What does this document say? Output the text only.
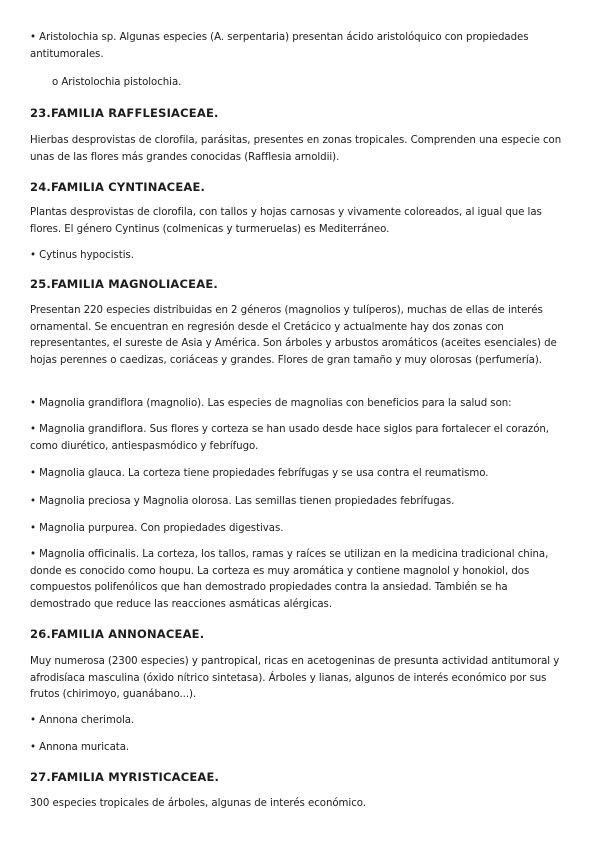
• Aristolochia sp. Algunas especies (A. serpentaria) presentan ácido aristolóquico con propiedades antitumorales.

o Aristolochia pistolochia.

23.FAMILIA RAFFLESIACEAE.

Hierbas desprovistas de clorofila, parásitas, presentes en zonas tropicales. Comprenden una especie con unas de las flores más grandes conocidas (Rafflesia arnoldii).

24.FAMILIA CYNTINACEAE.

Plantas desprovistas de clorofila, con tallos y hojas carnosas y vivamente coloreados, al igual que las flores. El género Cyntinus (colmenicas y turmeruelas) es Mediterráneo.

• Cytinus hypocistis.

25.FAMILIA MAGNOLIACEAE.

Presentan 220 especies distribuidas en 2 géneros (magnolios y tulíperos), muchas de ellas de interés ornamental. Se encuentran en regresión desde el Cretácico y actualmente hay dos zonas con representantes, el sureste de Asia y América. Son árboles y arbustos aromáticos (aceites esenciales) de hojas perennes o caedizas, coriáceas y grandes. Flores de gran tamaño y muy olorosas (perfumería).

• Magnolia grandiflora (magnolio). Las especies de magnolias con beneficios para la salud son:

• Magnolia grandiflora. Sus flores y corteza se han usado desde hace siglos para fortalecer el corazón, como diurético, antiespasmódico y febrífugo.

• Magnolia glauca. La corteza tiene propiedades febrífugas y se usa contra el reumatismo.

• Magnolia preciosa y Magnolia olorosa. Las semillas tienen propiedades febrífugas.

• Magnolia purpurea. Con propiedades digestivas.

• Magnolia officinalis. La corteza, los tallos, ramas y raíces se utilizan en la medicina tradicional china, donde es conocido como houpu. La corteza es muy aromática y contiene magnolol y honokiol, dos compuestos polifenólicos que han demostrado propiedades contra la ansiedad. También se ha demostrado que reduce las reacciones asmáticas alérgicas.

26.FAMILIA ANNONACEAE.

Muy numerosa (2300 especies) y pantropical, ricas en acetogeninas de presunta actividad antitumoral y afrodisíaca masculina (óxido nítrico sintetasa). Árboles y lianas, algunos de interés económico por sus frutos (chirimoyo, guanábano...).

• Annona cherimola.

• Annona muricata.

27.FAMILIA MYRISTICACEAE.

300 especies tropicales de árboles, algunas de interés económico.
